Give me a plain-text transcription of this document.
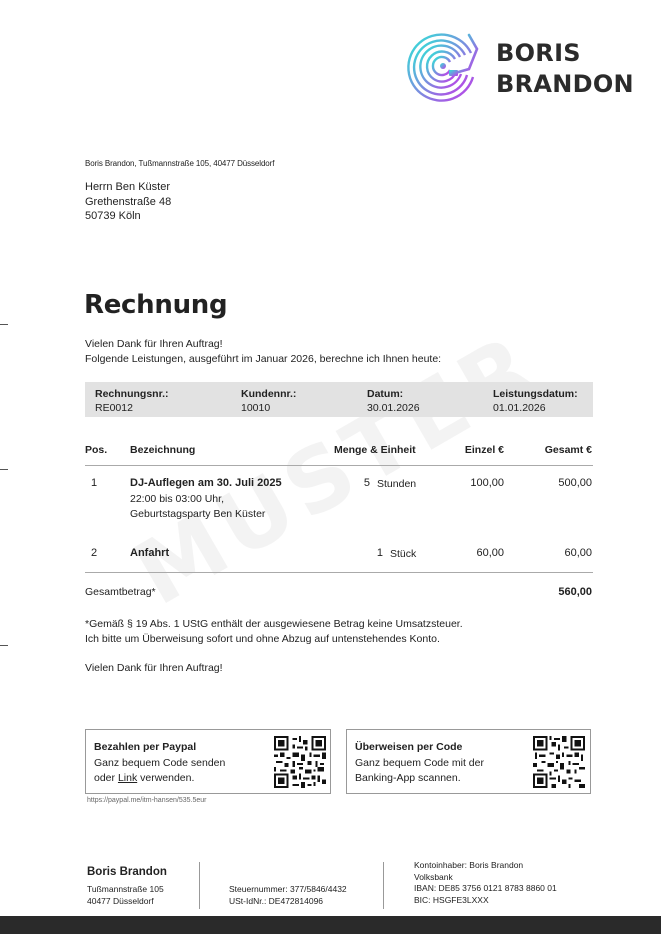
BORIS
BRANDON
Boris Brandon, Tußmannstraße 105, 40477 Düsseldorf
Herrn Ben Küster
Grethenstraße 48
50739 Köln
Rechnung
Vielen Dank für Ihren Auftrag!
Folgende Leistungen, ausgeführt im Januar 2026, berechne ich Ihnen heute:
Rechnungsnr.:
RE0012
Kundennr.:
10010
Datum:
30.01.2026
Leistungsdatum:
01.01.2026
Pos. Bezeichnung	Menge & Einheit	Einzel €	Gesamt €
1	DJ-Auflegen am 30. Juli 2025
22:00 bis 03:00 Uhr,
Geburtstagsparty Ben Küster
5 Stunden	100,00	500,00
2	Anfahrt	1 Stück	60,00	60,00
Gesamtbetrag*	560,00
*Gemäß § 19 Abs. 1 UStG enthält der ausgewiesene Betrag keine Umsatzsteuer.
Ich bitte um Überweisung sofort und ohne Abzug auf untenstehendes Konto.
Vielen Dank für Ihren Auftrag!
Bezahlen per Paypal
Ganz bequem Code senden
oder Link verwenden.
https://paypal.me/itm-hansen/535.5eur
Überweisen per Code
Ganz bequem Code mit der
Banking-App scannen.
Boris Brandon
Tußmannstraße 105
40477 Düsseldorf
Steuernummer: 377/5846/4432
USt-IdNr.: DE472814096
Kontoinhaber: Boris Brandon
Volksbank
IBAN: DE85 3756 0121 8783 8860 01
BIC: HSGFE3LXXX
